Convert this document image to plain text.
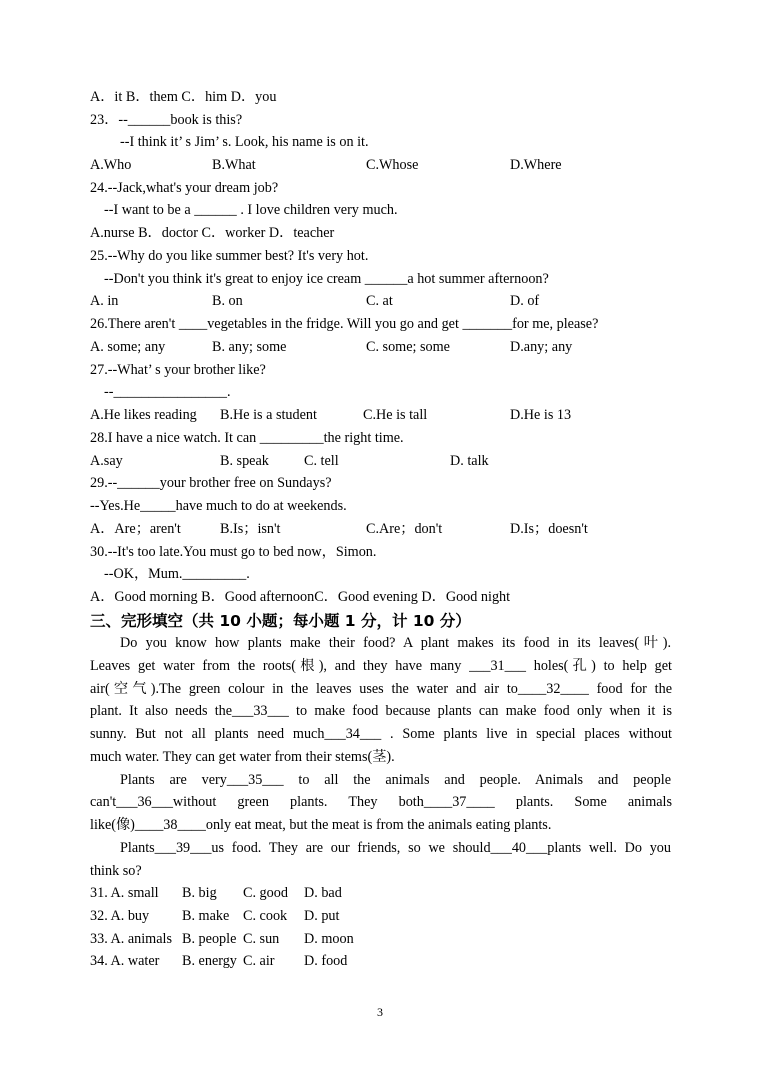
A．it B．them C．him D．you
23．--______book is this?
--I think it’ s Jim’ s. Look, his name is on it.
A.Who	B.What	C.Whose	D.Where
24.--Jack,what's your dream job?
--I want to be a ______ . I love children very much.
A.nurse B．doctor C．worker D．teacher
25.--Why do you like summer best? It's very hot.
--Don't you think it's great to enjoy ice cream ______a hot summer afternoon?
A. in	B. on	C. at	D. of
26.There aren't ____vegetables in the fridge. Will you go and get _______for me, please?
A. some; any	B. any; some	C. some; some	D.any; any
27.--What’ s your brother like?
--________________.
A.He likes reading B.He is a student	C.He is tall	D.He is 13
28.I have a nice watch. It can _________the right time.
A.say	B. speak C. tell	D. talk
29.--______your brother free on Sundays?
--Yes.He_____have much to do at weekends.
A．Are；aren't	B.Is；isn't	C.Are；don't	D.Is；doesn't
30.--It's too late.You must go to bed now，Simon.
--OK，Mum._________.
A．Good morning B．Good afternoonC．Good evening D．Good night
三、完形填空（共 10 小题；每小题 1 分，计 10 分）
Do you know how plants make their food? A plant makes its food in its leaves(叶).
Leaves get water from the roots(根), and they have many ___31___ holes(孔) to help get
air(空气).The green colour in the leaves uses the water and air to____32____ food for the
plant. It also needs the___33___ to make food because plants can make food only when it is
sunny. But not all plants need much___34___ . Some plants live in special places without
much water. They can get water from their stems(茎).
Plants are very___35___ to all the animals and people. Animals and people
can't___36___without green plants. They both____37____ plants. Some animals
like(像)____38____only eat meat, but the meat is from the animals eating plants.
Plants___39___us food. They are our friends, so we should___40___plants well. Do you
think so?
31. A. small B. big C. good D. bad
32. A. buy B. make C. cook D. put
33. A. animals B. people C. sun D. moon
34. A. water B. energy C. air D. food
3
